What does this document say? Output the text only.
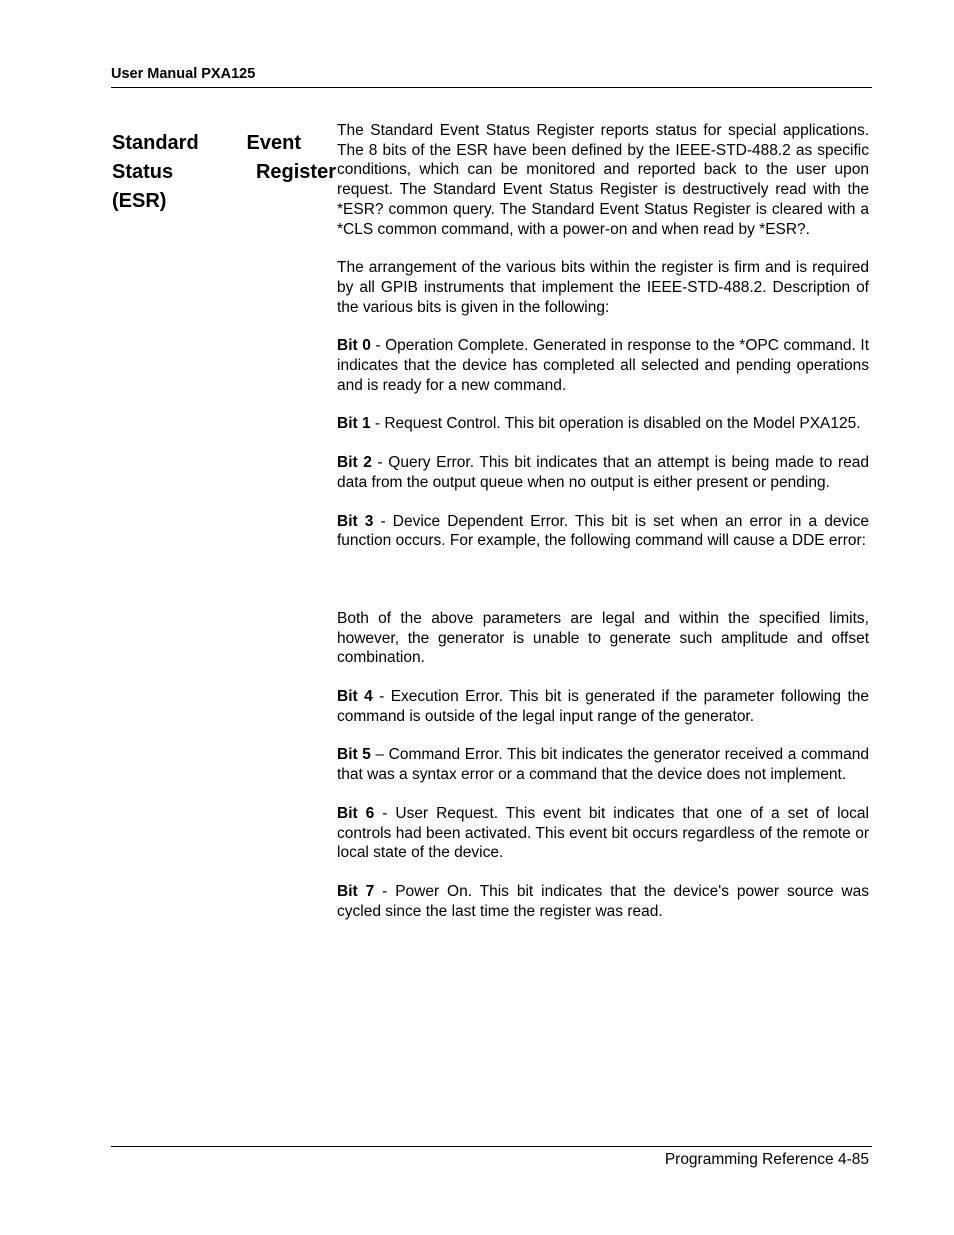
User Manual PXA125
Standard Event
Status	Register
(ESR)

The Standard Event Status Register reports status for special applications. The 8 bits of the ESR have been defined by the IEEE-STD-488.2 as specific conditions, which can be monitored and reported back to the user upon request. The Standard Event Status Register is destructively read with the *ESR? common query. The Standard Event Status Register is cleared with a *CLS common command, with a power-on and when read by *ESR?.

The arrangement of the various bits within the register is firm and is required by all GPIB instruments that implement the IEEE-STD-488.2. Description of the various bits is given in the following:

Bit 0 - Operation Complete. Generated in response to the *OPC command. It indicates that the device has completed all selected and pending operations and is ready for a new command.

Bit 1 - Request Control. This bit operation is disabled on the Model PXA125.

Bit 2 - Query Error. This bit indicates that an attempt is being made to read data from the output queue when no output is either present or pending.

Bit 3 - Device Dependent Error. This bit is set when an error in a device function occurs. For example, the following command will cause a DDE error:

Both of the above parameters are legal and within the specified limits, however, the generator is unable to generate such amplitude and offset combination.

Bit 4 - Execution Error. This bit is generated if the parameter following the command is outside of the legal input range of the generator.

Bit 5 – Command Error. This bit indicates the generator received a command that was a syntax error or a command that the device does not implement.

Bit 6 - User Request. This event bit indicates that one of a set of local controls had been activated. This event bit occurs regardless of the remote or local state of the device.

Bit 7 - Power On. This bit indicates that the device's power source was cycled since the last time the register was read.

Programming Reference 4-85
